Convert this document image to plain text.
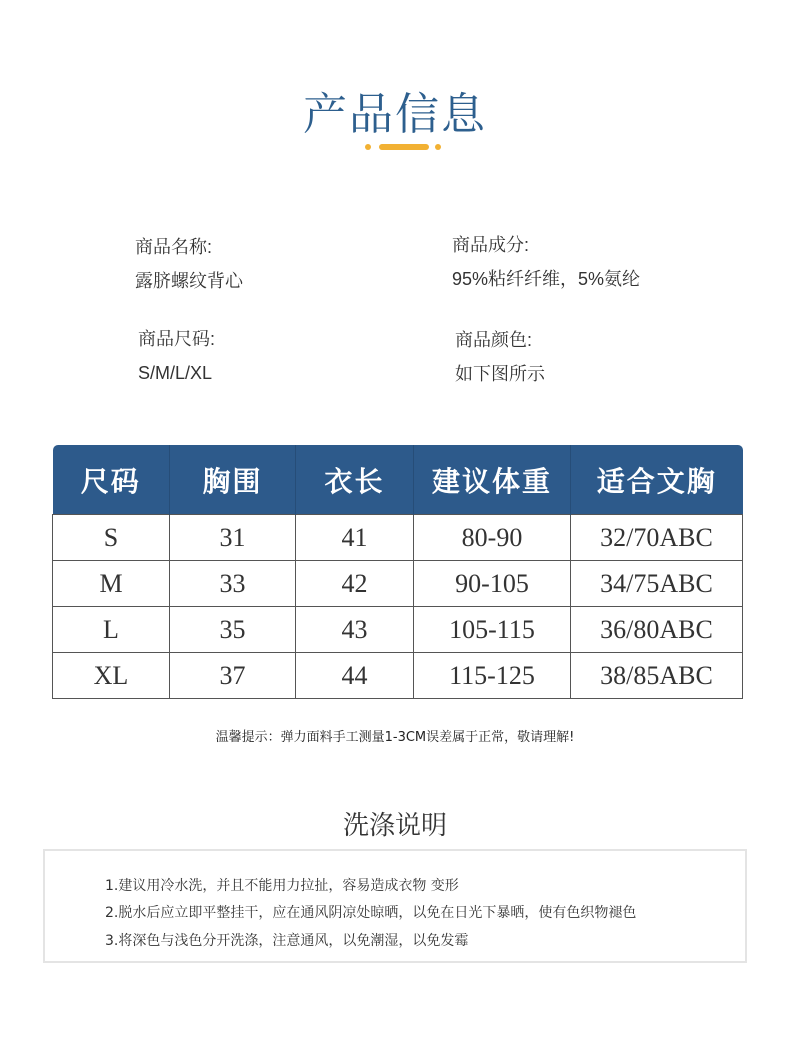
产品信息
商品名称:
露脐螺纹背心
商品成分:
95%粘纤纤维，5%氨纶
商品尺码:
S/M/L/XL
商品颜色:
如下图所示
尺码	胸围	衣长	建议体重	适合文胸
S	31	41	80-90	32/70ABC
M	33	42	90-105	34/75ABC
L	35	43	105-115	36/80ABC
XL	37	44	115-125	38/85ABC
温馨提示：弹力面料手工测量1-3CM误差属于正常，敬请理解!
洗涤说明
1.建议用冷水洗，并且不能用力拉扯，容易造成衣物 变形
2.脱水后应立即平整挂干，应在通风阴凉处晾晒，以免在日光下暴晒，使有色织物褪色
3.将深色与浅色分开洗涤，注意通风，以免潮湿，以免发霉
